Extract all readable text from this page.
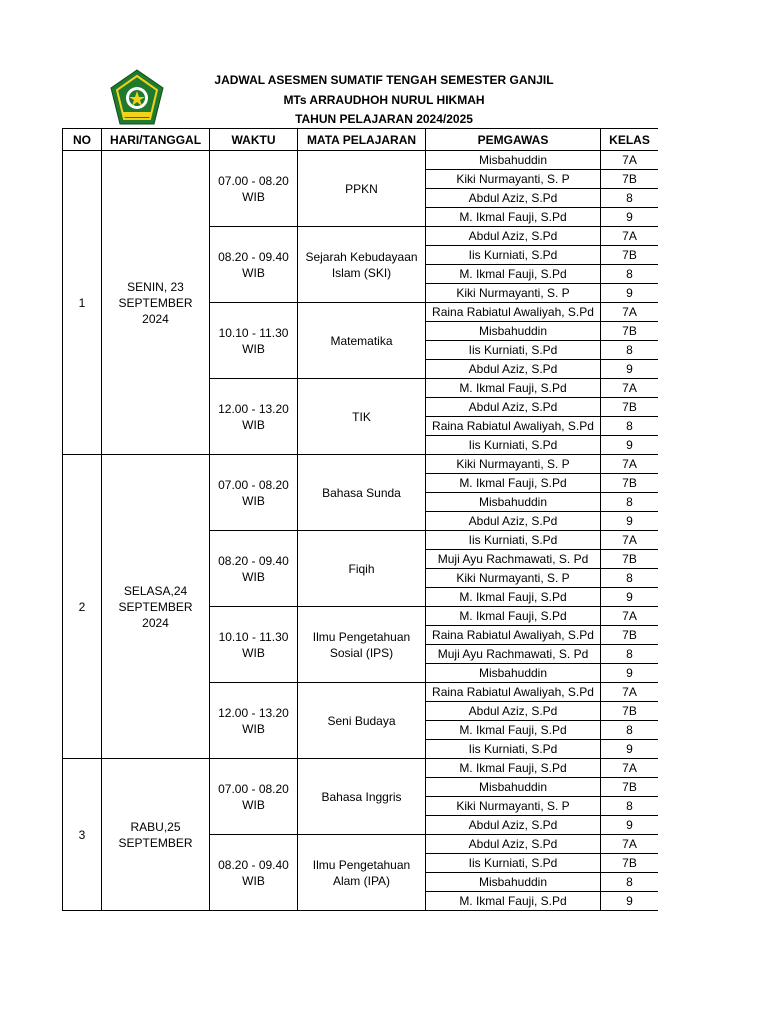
JADWAL ASESMEN SUMATIF TENGAH SEMESTER GANJIL
MTs ARRAUDHOH NURUL HIKMAH
TAHUN PELAJARAN 2024/2025
NO	HARI/TANGGAL	WAKTU	MATA PELAJARAN	PEMGAWAS	KELAS
1	SENIN, 23 SEPTEMBER 2024	07.00 - 08.20 WIB	PPKN	Misbahuddin	7A
				Kiki Nurmayanti, S. P	7B
				Abdul Aziz, S.Pd	8
				M. Ikmal Fauji, S.Pd	9
		08.20 - 09.40 WIB	Sejarah Kebudayaan Islam (SKI)	Abdul Aziz, S.Pd	7A
				Iis Kurniati, S.Pd	7B
				M. Ikmal Fauji, S.Pd	8
				Kiki Nurmayanti, S. P	9
		10.10 - 11.30 WIB	Matematika	Raina Rabiatul Awaliyah, S.Pd	7A
				Misbahuddin	7B
				Iis Kurniati, S.Pd	8
				Abdul Aziz, S.Pd	9
		12.00 - 13.20 WIB	TIK	M. Ikmal Fauji, S.Pd	7A
				Abdul Aziz, S.Pd	7B
				Raina Rabiatul Awaliyah, S.Pd	8
				Iis Kurniati, S.Pd	9
2	SELASA,24 SEPTEMBER 2024	07.00 - 08.20 WIB	Bahasa Sunda	Kiki Nurmayanti, S. P	7A
				M. Ikmal Fauji, S.Pd	7B
				Misbahuddin	8
				Abdul Aziz, S.Pd	9
		08.20 - 09.40 WIB	Fiqih	Iis Kurniati, S.Pd	7A
				Muji Ayu Rachmawati, S. Pd	7B
				Kiki Nurmayanti, S. P	8
				M. Ikmal Fauji, S.Pd	9
		10.10 - 11.30 WIB	Ilmu Pengetahuan Sosial (IPS)	M. Ikmal Fauji, S.Pd	7A
				Raina Rabiatul Awaliyah, S.Pd	7B
				Muji Ayu Rachmawati, S. Pd	8
				Misbahuddin	9
		12.00 - 13.20 WIB	Seni Budaya	Raina Rabiatul Awaliyah, S.Pd	7A
				Abdul Aziz, S.Pd	7B
				M. Ikmal Fauji, S.Pd	8
				Iis Kurniati, S.Pd	9
3	RABU,25 SEPTEMBER	07.00 - 08.20 WIB	Bahasa Inggris	M. Ikmal Fauji, S.Pd	7A
				Misbahuddin	7B
				Kiki Nurmayanti, S. P	8
				Abdul Aziz, S.Pd	9
		08.20 - 09.40 WIB	Ilmu Pengetahuan Alam (IPA)	Abdul Aziz, S.Pd	7A
				Iis Kurniati, S.Pd	7B
				Misbahuddin	8
				M. Ikmal Fauji, S.Pd	9
